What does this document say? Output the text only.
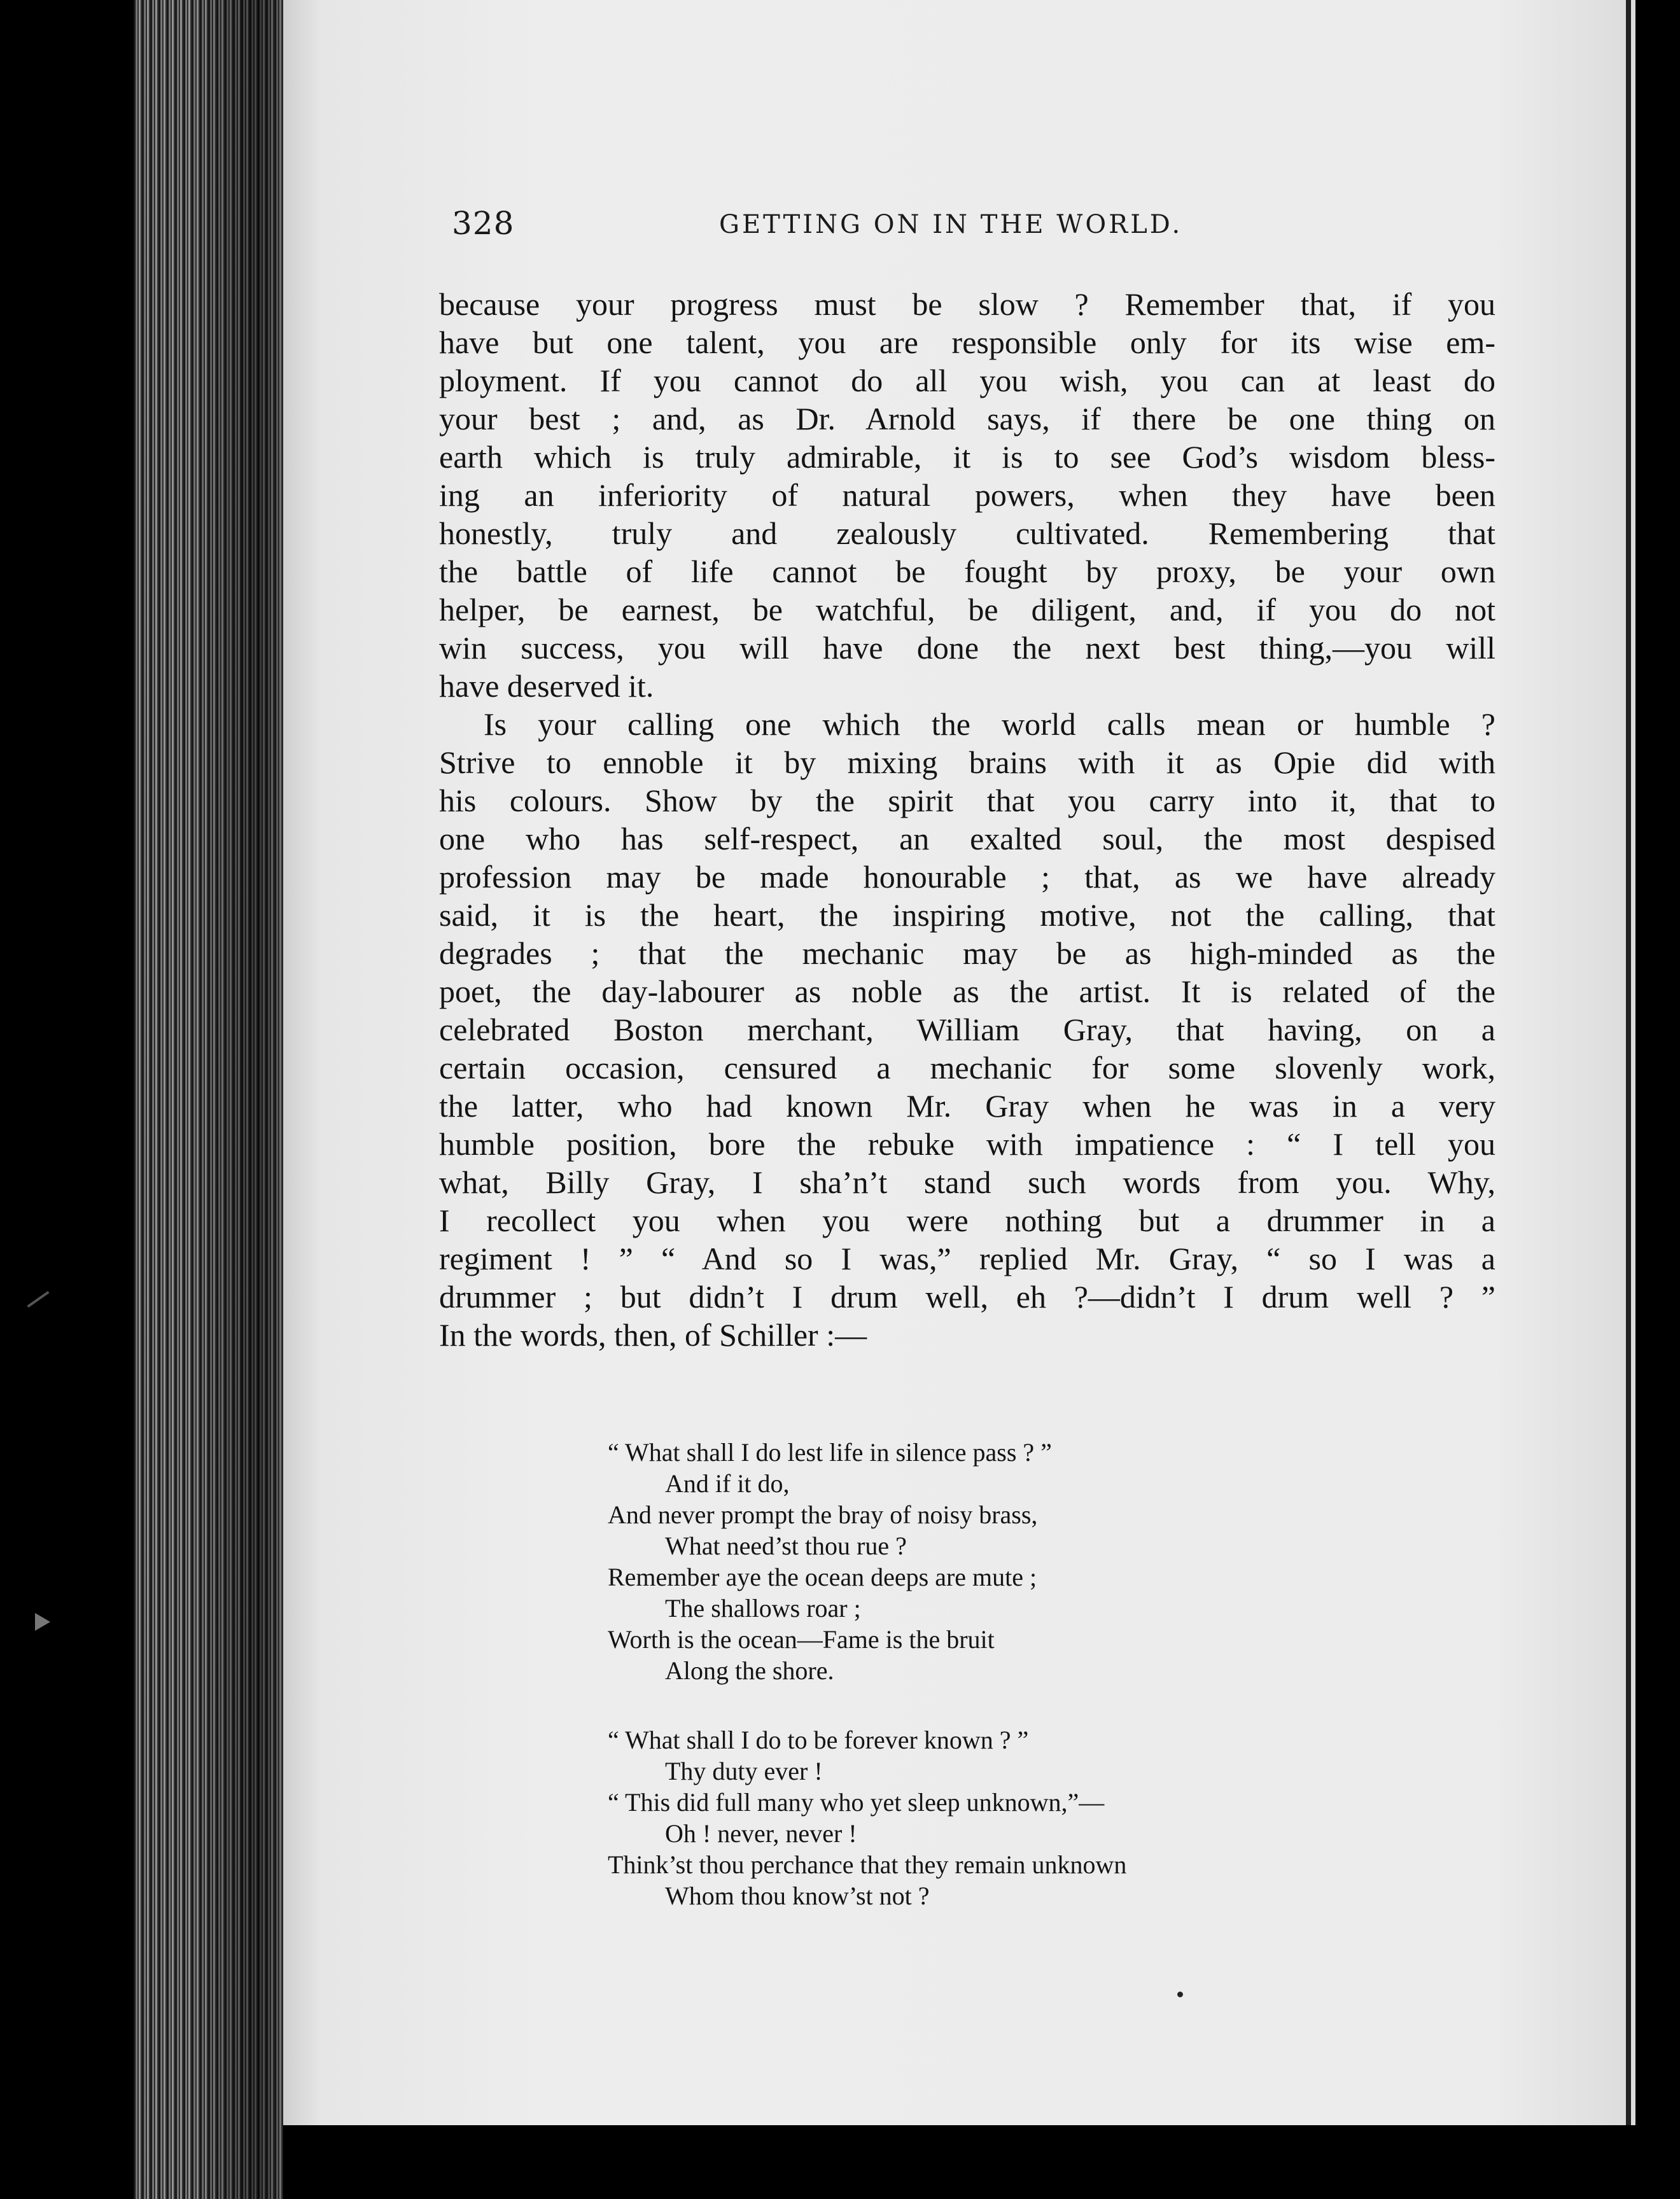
328	GETTING ON IN THE WORLD.
because your progress must be slow ? Remember that, if you
have but one talent, you are responsible only for its wise em-
ployment. If you cannot do all you wish, you can at least do
your best ; and, as Dr. Arnold says, if there be one thing on
earth which is truly admirable, it is to see God’s wisdom bless-
ing an inferiority of natural powers, when they have been
honestly, truly and zealously cultivated. Remembering that
the battle of life cannot be fought by proxy, be your own
helper, be earnest, be watchful, be diligent, and, if you do not
win success, you will have done the next best thing,—you will
have deserved it.
Is your calling one which the world calls mean or humble ?
Strive to ennoble it by mixing brains with it as Opie did with
his colours. Show by the spirit that you carry into it, that to
one who has self-respect, an exalted soul, the most despised
profession may be made honourable ; that, as we have already
said, it is the heart, the inspiring motive, not the calling, that
degrades ; that the mechanic may be as high-minded as the
poet, the day-labourer as noble as the artist. It is related of the
celebrated Boston merchant, William Gray, that having, on a
certain occasion, censured a mechanic for some slovenly work,
the latter, who had known Mr. Gray when he was in a very
humble position, bore the rebuke with impatience : “ I tell you
what, Billy Gray, I sha’n’t stand such words from you. Why,
I recollect you when you were nothing but a drummer in a
regiment ! ” “ And so I was,” replied Mr. Gray, “ so I was a
drummer ; but didn’t I drum well, eh ?—didn’t I drum well ? ”
In the words, then, of Schiller :—
“ What shall I do lest life in silence pass ? ”
And if it do,
And never prompt the bray of noisy brass,
What need’st thou rue ?
Remember aye the ocean deeps are mute ;
The shallows roar ;
Worth is the ocean—Fame is the bruit
Along the shore.
“ What shall I do to be forever known ? ”
Thy duty ever !
“ This did full many who yet sleep unknown,”—
Oh ! never, never !
Think’st thou perchance that they remain unknown
Whom thou know’st not ?
